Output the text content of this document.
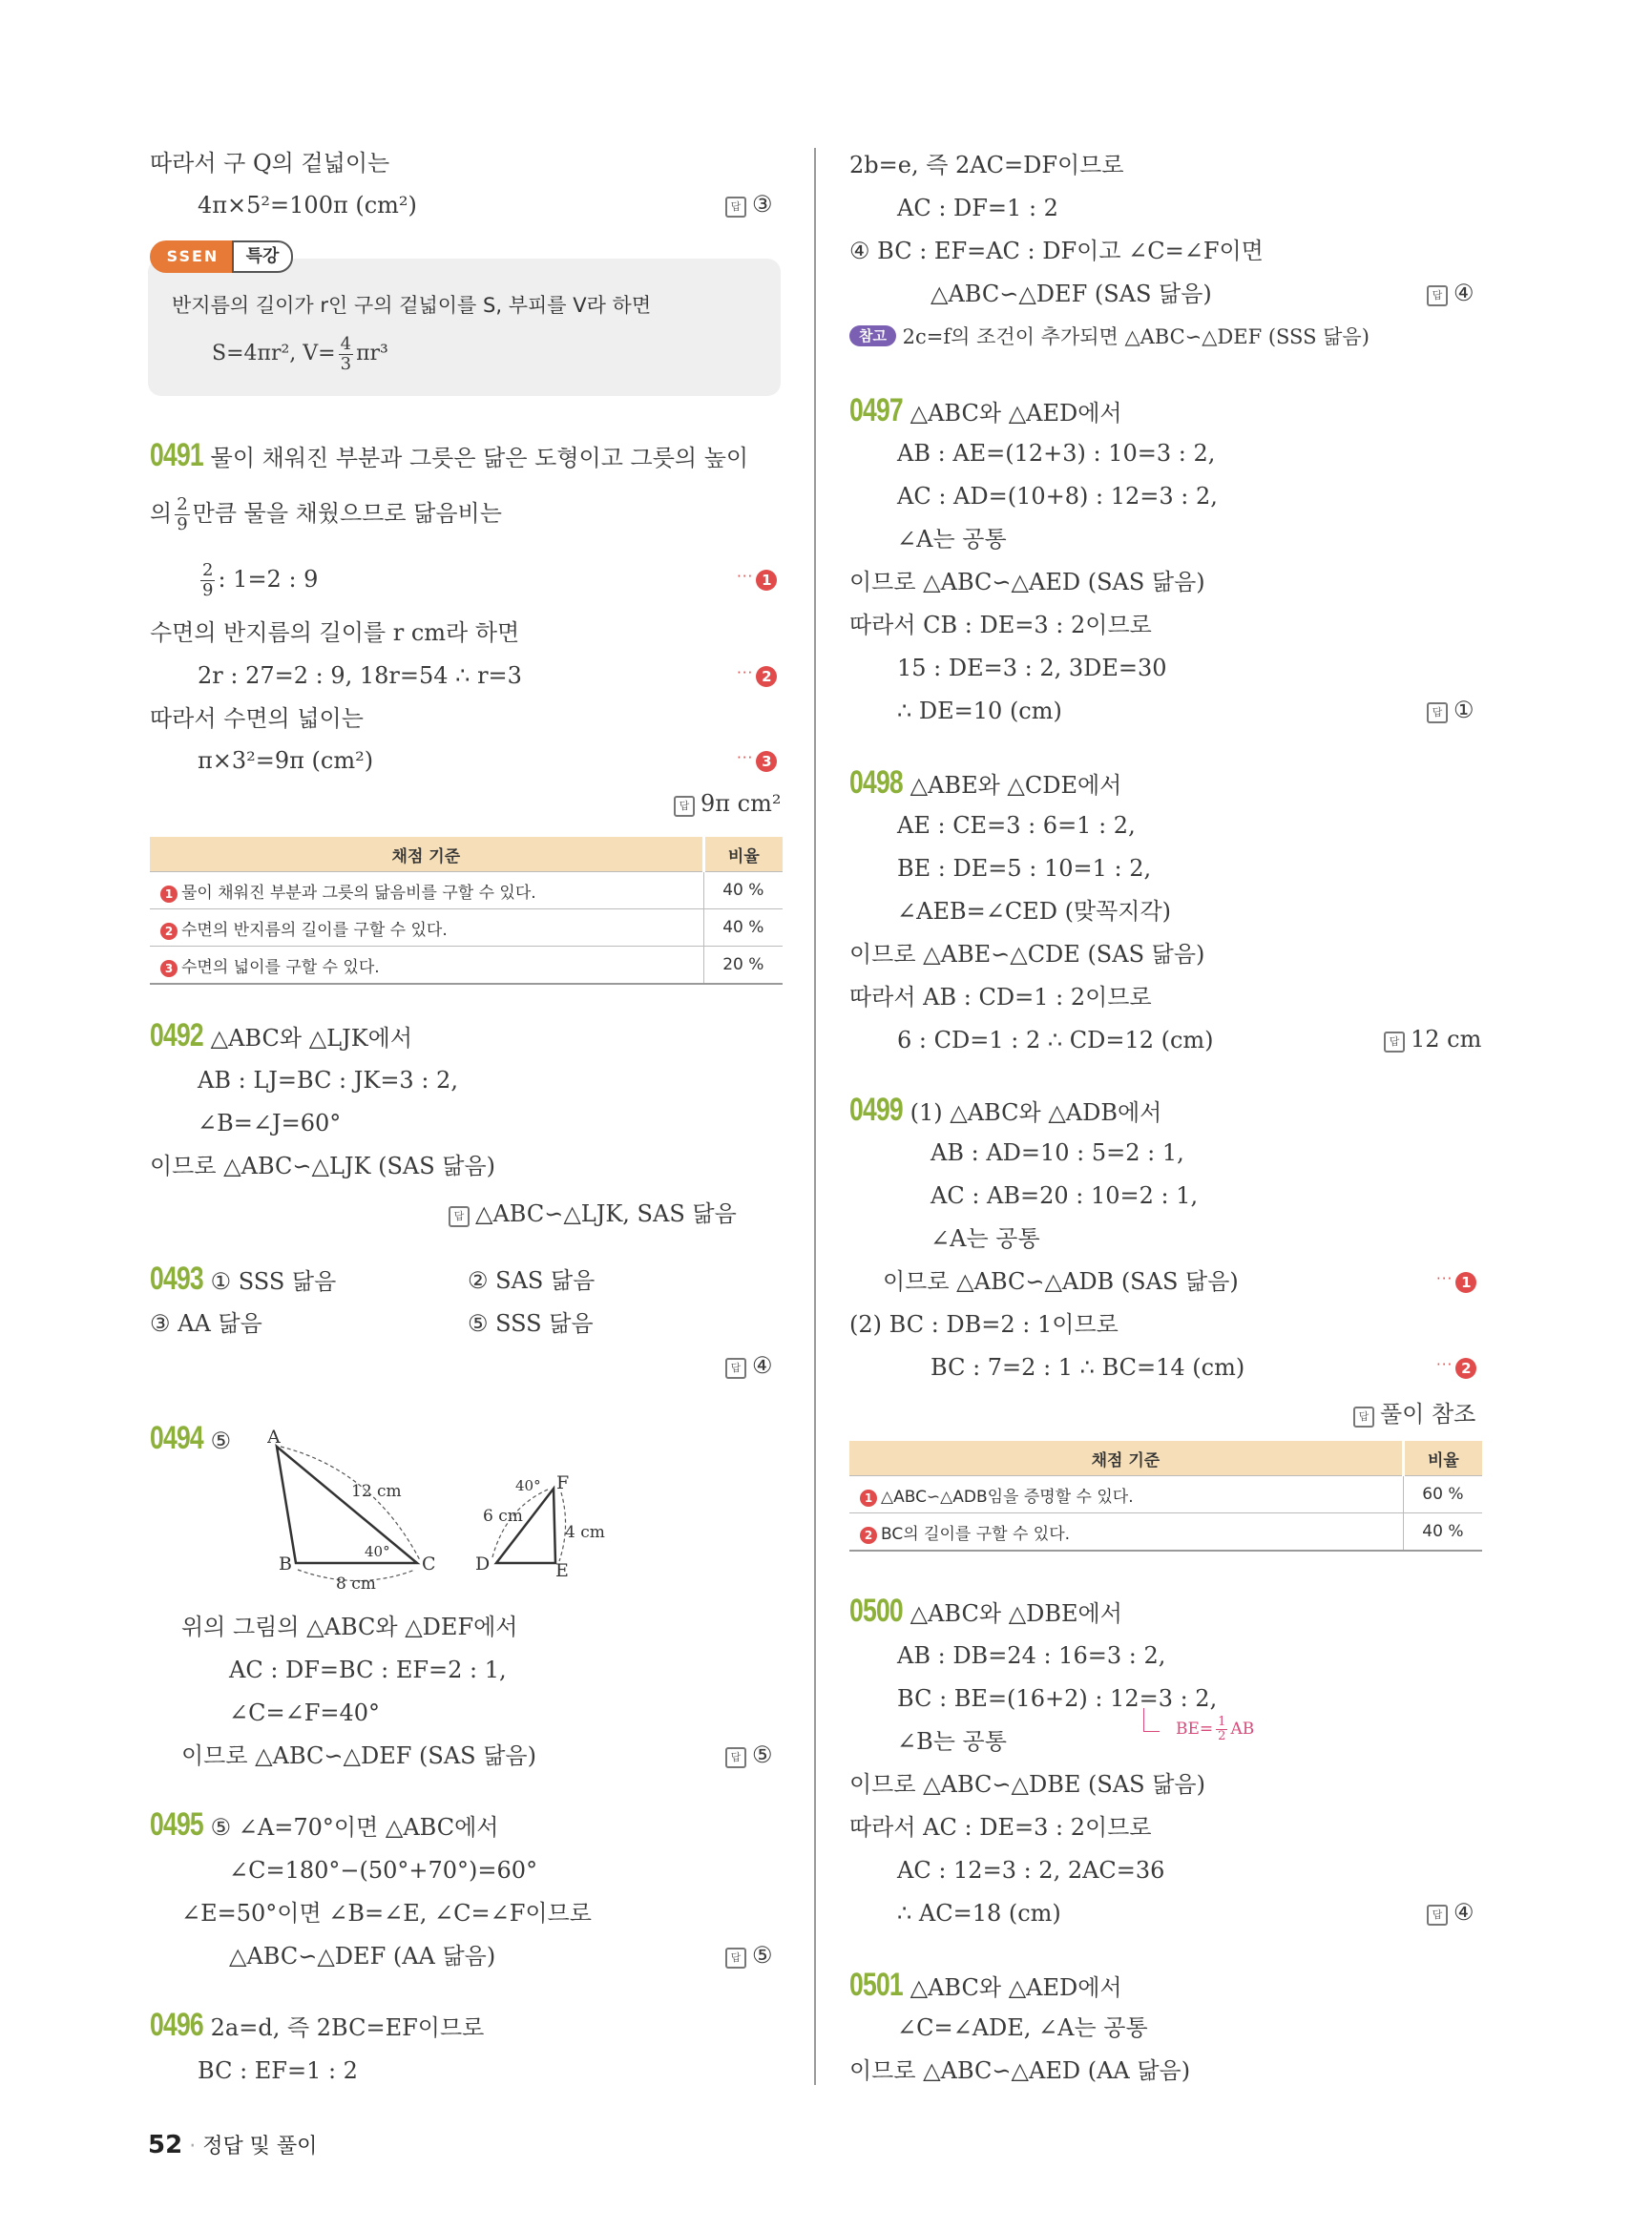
따라서 구 Q의 겉넓이는
4π×5²=100π (cm²)	답 ③
SSEN	특강
반지름의 길이가 r인 구의 겉넓이를 S, 부피를 V라 하면
S=4πr², $V= \frac{4}{3} \pi r^3$
0491 물이 채워진 부분과 그릇은 닮은 도형이고 그릇의 높이
의 $\frac{2}{9}$ 만큼 물을 채웠으므로 닮음비는
$\frac{2}{9}$ : 1=2 : 9	··· 1
수면의 반지름의 길이를 r cm라 하면
2r : 27=2 : 9, 18r=54 ∴ r=3	··· 2
따라서 수면의 넓이는
π×3²=9π (cm²)	··· 3
답 9π cm²
채점 기준	비율
1 물이 채워진 부분과 그릇의 닮음비를 구할 수 있다.	40 %
2 수면의 반지름의 길이를 구할 수 있다.	40 %
3 수면의 넓이를 구할 수 있다.	20 %
0492 △ABC와 △LJK에서
AB : LJ=BC : JK=3 : 2,
∠B=∠J=60°
이므로 △ABC∽△LJK (SAS 닮음)
답 △ABC∽△LJK, SAS 닮음
0493 ① SSS 닮음	② SAS 닮음
③ AA 닮음	⑤ SSS 닮음
답 ④
0494 ⑤ A
B	C
12 cm
8 cm
40°
D	E
F
6 cm
4 cm
40°
위의 그림의 △ABC와 △DEF에서
AC : DF=BC : EF=2 : 1,
∠C=∠F=40°
이므로 △ABC∽△DEF (SAS 닮음)	답 ⑤
0495 ⑤ ∠A=70°이면 △ABC에서
∠C=180°−(50°+70°)=60°
∠E=50°이면 ∠B=∠E, ∠C=∠F이므로
△ABC∽△DEF (AA 닮음)	답 ⑤
0496 2a=d, 즉 2BC=EF이므로
BC : EF=1 : 2
2b=e, 즉 2AC=DF이므로
AC : DF=1 : 2
④ BC : EF=AC : DF이고 ∠C=∠F이면
△ABC∽△DEF (SAS 닮음)	답 ④
참고 2c=f의 조건이 추가되면 △ABC∽△DEF (SSS 닮음)
0497 △ABC와 △AED에서
AB : AE=(12+3) : 10=3 : 2,
AC : AD=(10+8) : 12=3 : 2,
∠A는 공통
이므로 △ABC∽△AED (SAS 닮음)
따라서 CB : DE=3 : 2이므로
15 : DE=3 : 2, 3DE=30
∴ DE=10 (cm)	답 ①
0498 △ABE와 △CDE에서
AE : CE=3 : 6=1 : 2,
BE : DE=5 : 10=1 : 2,
∠AEB=∠CED (맞꼭지각)
이므로 △ABE∽△CDE (SAS 닮음)
따라서 AB : CD=1 : 2이므로
6 : CD=1 : 2 ∴ CD=12 (cm)	답 12 cm
0499 (1) △ABC와 △ADB에서
AB : AD=10 : 5=2 : 1,
AC : AB=20 : 10=2 : 1,
∠A는 공통
이므로 △ABC∽△ADB (SAS 닮음)	··· 1
(2) BC : DB=2 : 1이므로
BC : 7=2 : 1 ∴ BC=14 (cm)	··· 2
답 풀이 참조
채점 기준	비율
1 △ABC∽△ADB임을 증명할 수 있다.	60 %
2 BC의 길이를 구할 수 있다.	40 %
0500 △ABC와 △DBE에서
AB : DB=24 : 16=3 : 2,
BC : BE=(16+2) : 12=3 : 2,
$BE= \frac{1}{2}$ AB
∠B는 공통
이므로 △ABC∽△DBE (SAS 닮음)
따라서 AC : DE=3 : 2이므로
AC : 12=3 : 2, 2AC=36
∴ AC=18 (cm)	답 ④
0501 △ABC와 △AED에서
∠C=∠ADE, ∠A는 공통
이므로 △ABC∽△AED (AA 닮음)
52 · 정답 및 풀이
